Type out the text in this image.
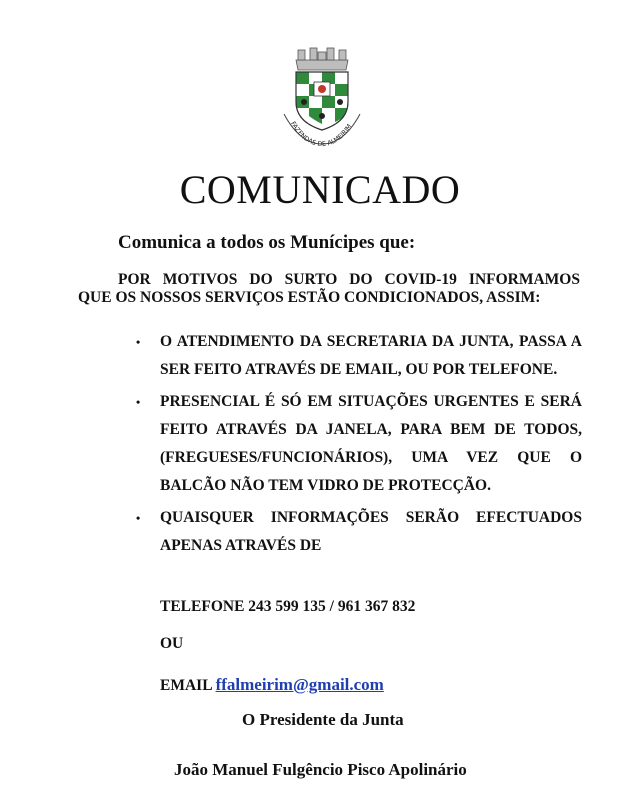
FAZENDAS DE ALMEIRIM
COMUNICADO
Comunica a todos os Munícipes que:
POR MOTIVOS DO SURTO DO COVID-19 INFORMAMOS
QUE OS NOSSOS SERVIÇOS ESTÃO CONDICIONADOS, ASSIM:
• O ATENDIMENTO DA SECRETARIA DA JUNTA, PASSA A SER FEITO ATRAVÉS DE EMAIL, OU POR TELEFONE.
• PRESENCIAL É SÓ EM SITUAÇÕES URGENTES E SERÁ FEITO ATRAVÉS DA JANELA, PARA BEM DE TODOS, (FREGUESES/FUNCIONÁRIOS), UMA VEZ QUE O BALCÃO NÃO TEM VIDRO DE PROTECÇÃO.
• QUAISQUER INFORMAÇÕES SERÃO EFECTUADOS APENAS ATRAVÉS DE
TELEFONE 243 599 135 / 961 367 832
OU
EMAIL ffalmeirim@gmail.com
O Presidente da Junta
João Manuel Fulgêncio Pisco Apolinário
